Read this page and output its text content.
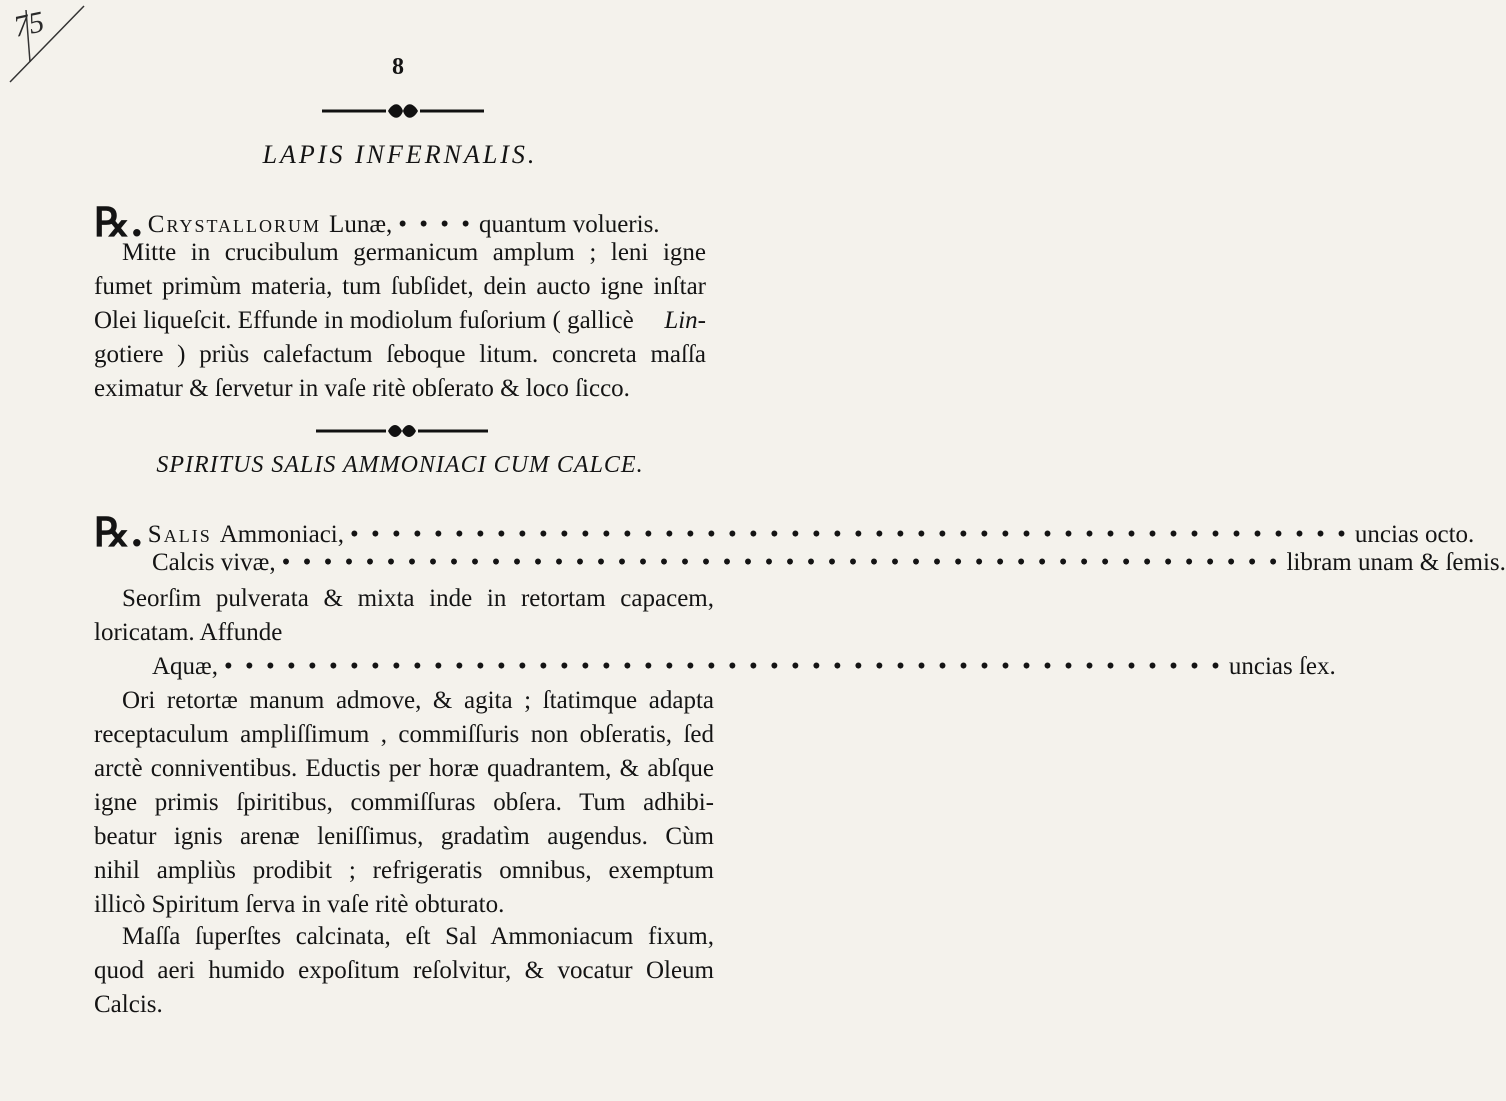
75
8
LAPIS INFERNALIS.
℞. Crystallorum Lunæ, • • • • quantum volueris.
Mitte in crucibulum germanicum amplum ; leni igne
fumet primùm materia, tum ſubſidet, dein aucto igne inſtar
Olei liqueſcit. Effunde in modiolum fuſorium ( gallicè Lin-
gotiere ) priùs calefactum ſeboque litum. concreta maſſa
eximatur & ſervetur in vaſe ritè obſerato & loco ſicco.
SPIRITUS SALIS AMMONIACI CUM CALCE.
℞. Salis Ammoniaci, • • • • • • • • • • • • • • • • • • • • • • • • • • • • • • • • • • • • • • • • • • • • • • • • uncias octo.
Calcis vivæ, • • • • • • • • • • • • • • • • • • • • • • • • • • • • • • • • • • • • • • • • • • • • • • • • libram unam & ſemis.
Seorſim pulverata & mixta inde in retortam capacem,
loricatam. Affunde
Aquæ, • • • • • • • • • • • • • • • • • • • • • • • • • • • • • • • • • • • • • • • • • • • • • • • • uncias ſex.
Ori retortæ manum admove, & agita ; ſtatimque adapta
receptaculum ampliſſimum , commiſſuris non obſeratis, ſed
arctè conniventibus. Eductis per horæ quadrantem, & abſque
igne primis ſpiritibus, commiſſuras obſera. Tum adhibi-
beatur ignis arenæ leniſſimus, gradatìm augendus. Cùm
nihil ampliùs prodibit ; refrigeratis omnibus, exemptum
illicò Spiritum ſerva in vaſe ritè obturato.
Maſſa ſuperſtes calcinata, eſt Sal Ammoniacum fixum,
quod aeri humido expoſitum reſolvitur, & vocatur Oleum
Calcis.
